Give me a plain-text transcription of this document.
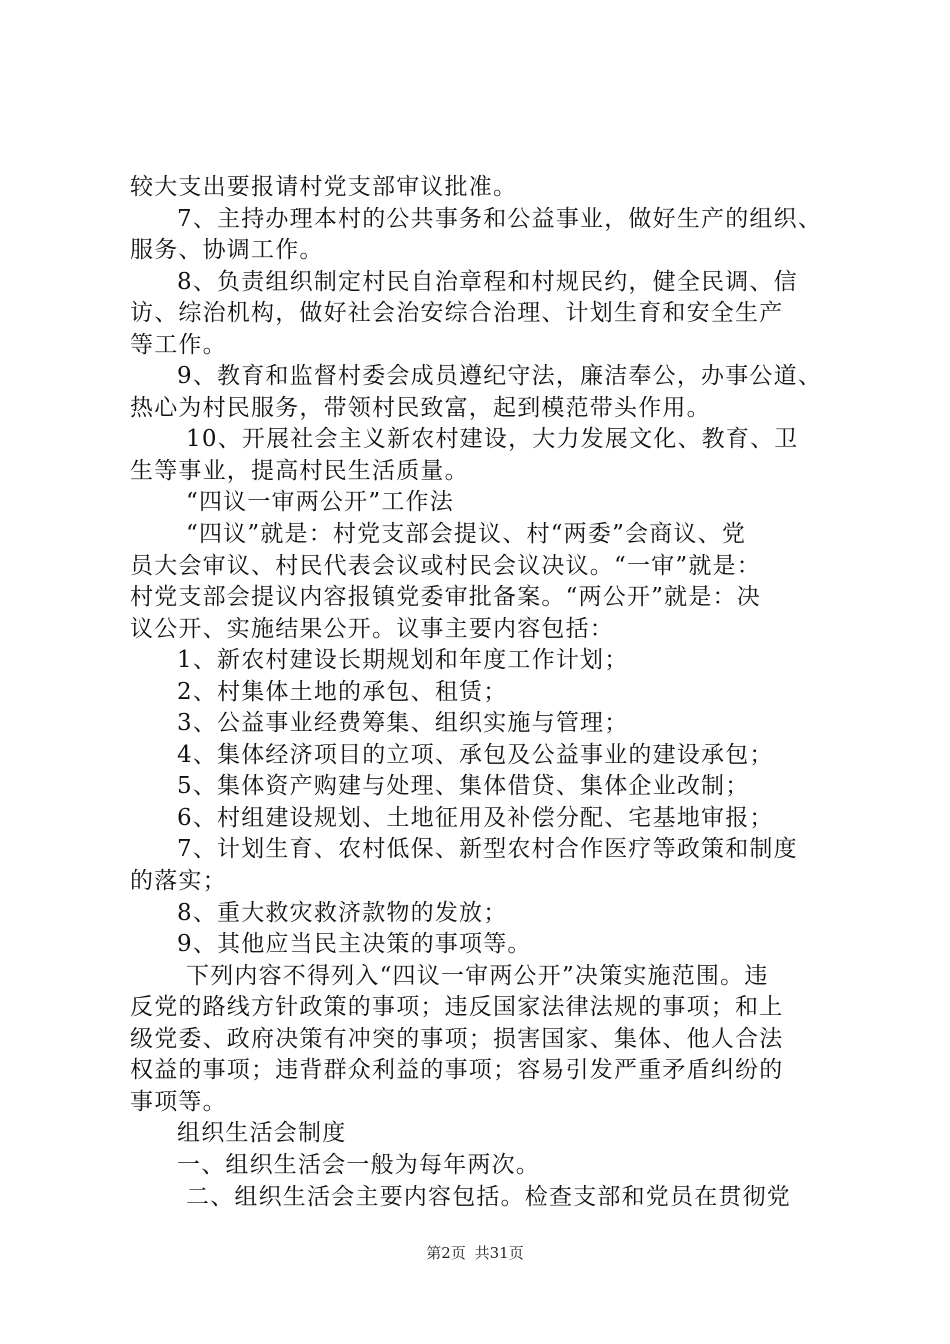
较大支出要报请村党支部审议批准。
7、主持办理本村的公共事务和公益事业，做好生产的组织、
服务、协调工作。
8、负责组织制定村民自治章程和村规民约，健全民调、信
访、综治机构，做好社会治安综合治理、计划生育和安全生产
等工作。
9、教育和监督村委会成员遵纪守法，廉洁奉公，办事公道、
热心为村民服务，带领村民致富，起到模范带头作用。
10、开展社会主义新农村建设，大力发展文化、教育、卫
生等事业，提高村民生活质量。
“四议一审两公开”工作法
“四议”就是：村党支部会提议、村“两委”会商议、党
员大会审议、村民代表会议或村民会议决议。“一审”就是：
村党支部会提议内容报镇党委审批备案。“两公开”就是：决
议公开、实施结果公开。议事主要内容包括：
1、新农村建设长期规划和年度工作计划；
2、村集体土地的承包、租赁；
3、公益事业经费筹集、组织实施与管理；
4、集体经济项目的立项、承包及公益事业的建设承包；
5、集体资产购建与处理、集体借贷、集体企业改制；
6、村组建设规划、土地征用及补偿分配、宅基地审报；
7、计划生育、农村低保、新型农村合作医疗等政策和制度
的落实；
8、重大救灾救济款物的发放；
9、其他应当民主决策的事项等。
下列内容不得列入“四议一审两公开”决策实施范围。违
反党的路线方针政策的事项；违反国家法律法规的事项；和上
级党委、政府决策有冲突的事项；损害国家、集体、他人合法
权益的事项；违背群众利益的事项；容易引发严重矛盾纠纷的
事项等。
组织生活会制度
一、组织生活会一般为每年两次。
二、组织生活会主要内容包括。检查支部和党员在贯彻党
第2页 共31页
